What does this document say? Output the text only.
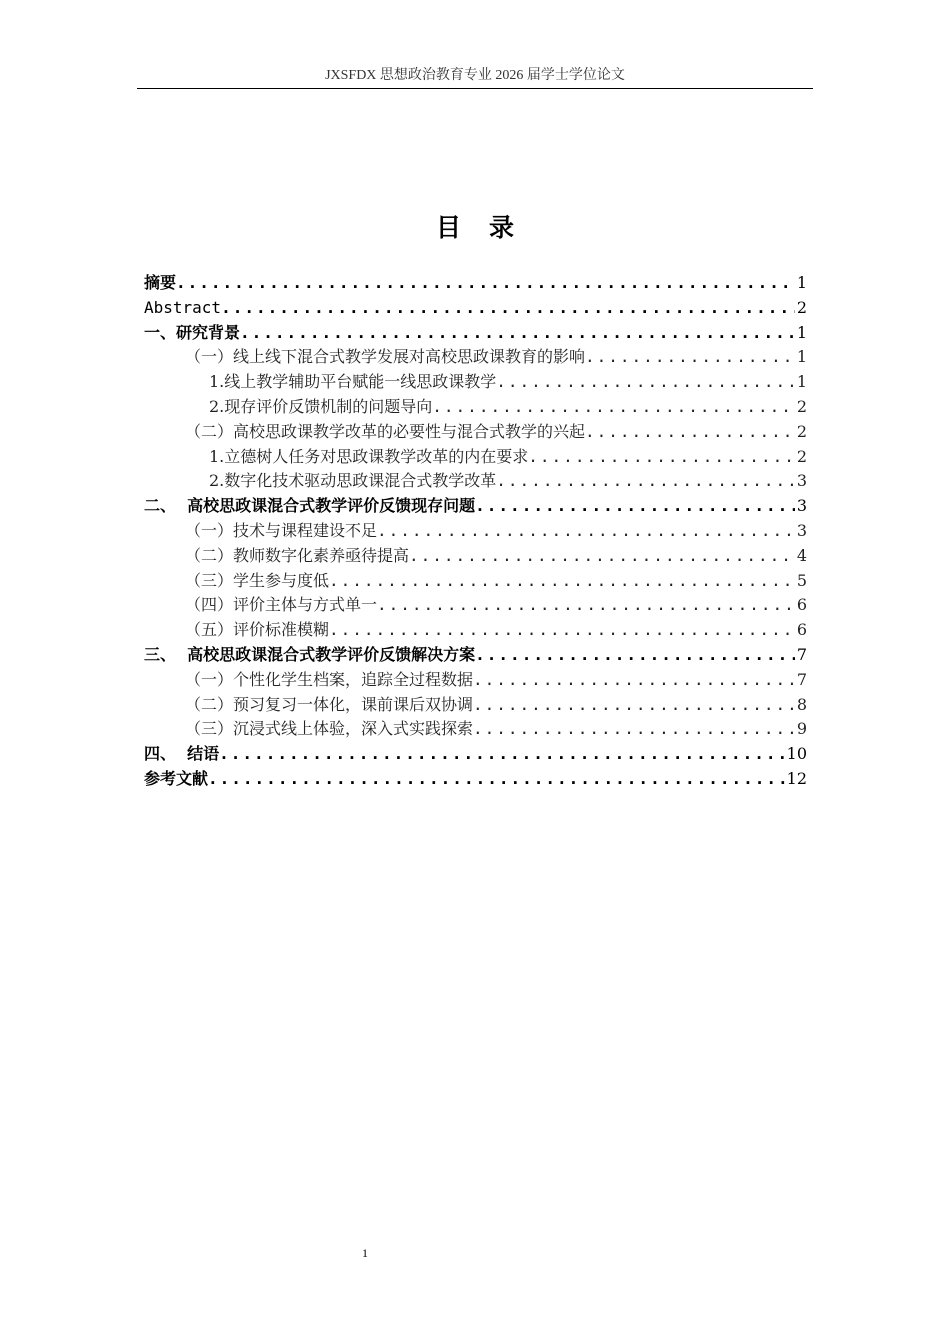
JXSFDX 思想政治教育专业 2026 届学士学位论文
目录
摘要 .....	1
Abstract .....	2
一、研究背景 .....	1
（一）线上线下混合式教学发展对高校思政课教育的影响 .....	1
1.线上教学辅助平台赋能一线思政课教学 .....	1
2.现存评价反馈机制的问题导向 .....	2
（二）高校思政课教学改革的必要性与混合式教学的兴起 .....	2
1.立德树人任务对思政课教学改革的内在要求 .....	2
2.数字化技术驱动思政课混合式教学改革 .....	3
二、  高校思政课混合式教学评价反馈现存问题 .....	3
（一）技术与课程建设不足 .....	3
（二）教师数字化素养亟待提高 .....	4
（三）学生参与度低 .....	5
（四）评价主体与方式单一 .....	6
（五）评价标准模糊 .....	6
三、  高校思政课混合式教学评价反馈解决方案 .....	7
（一）个性化学生档案，追踪全过程数据 .....	7
（二）预习复习一体化，课前课后双协调 .....	8
（三）沉浸式线上体验，深入式实践探索 .....	9
四、  结语 .....	10
参考文献 .....	12
1
